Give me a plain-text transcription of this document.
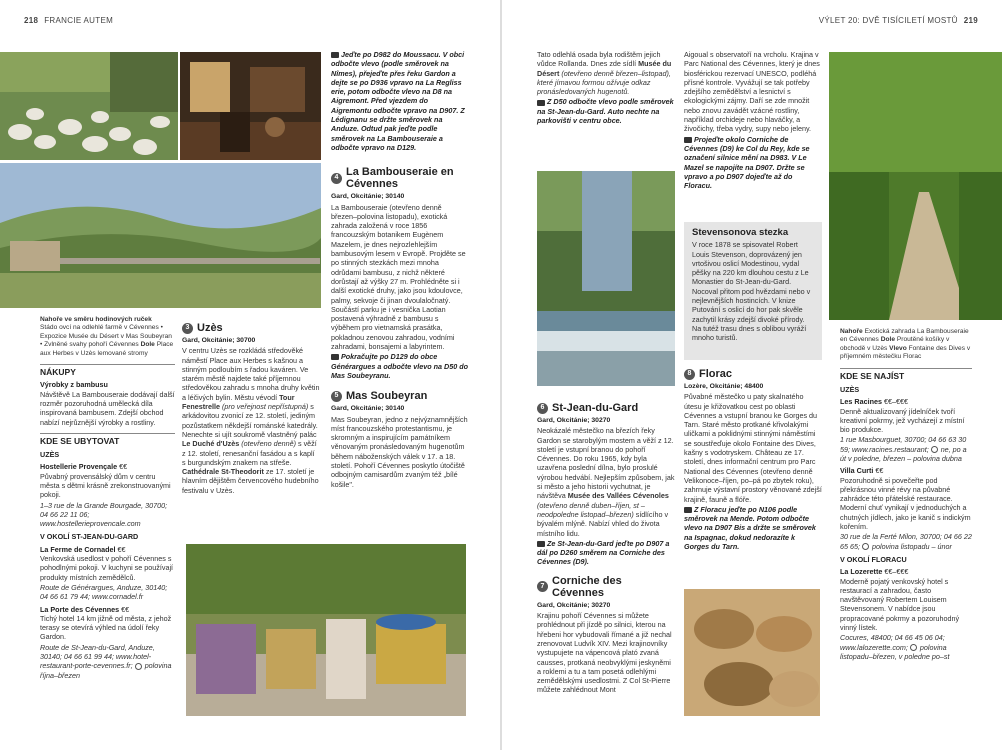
218 FRANCIE AUTEM	VÝLET 20: DVĚ TISÍCILETÍ MOSTŮ 219
Nahoře ve směru hodinových ruček
Stádo ovcí na odlehlé farmě v Cévennes • Expozice Musée du Désert v Mas Soubeyran • Zvlněné svahy pohoří Cévennes Dole Place aux Herbes v Uzès lemované stromy
NÁKUPY
Výrobky z bambusu

Návštěvě La Bambouseraie dodávají další rozměr pozoruhodná umělecká díla inspirovaná bambusem. Zdejší obchod nabízí nejrůznější výrobky a rostliny.

KDE SE UBYTOVAT
UZÈS
Hostellerie Provençale €€

Půvabný provensálský dům v centru města s dětmi krásně zrekonstruovanými pokoji.

1–3 rue de la Grande Bourgade, 30700; 04 66 22 11 06; www.hostellerieprovencale.com

V OKOLÍ ST-JEAN-DU-GARD
La Ferme de Cornadel €€

Venkovská usedlost v pohoří Cévennes s pohodlnými pokoji. V kuchyni se používají produkty místních zemědělců.

Route de Générargues, Anduze, 30140; 04 66 61 79 44; www.cornadel.fr

La Porte des Cévennes €€

Tichý hotel 14 km jižně od města, z jehož terasy se otevírá výhled na údolí řeky Gardon.

Route de St-Jean-du-Gard, Anduze, 30140; 04 66 61 99 44; www.hotel-restaurant-porte-cevennes.fr; polovina října–březen

3 Uzès
Gard, Okcitánie; 30700

V centru Uzès se rozkládá středověké náměstí Place aux Herbes s kašnou a stinným podloubím s řadou kaváren. Ve starém městě najdete také příjemnou středověkou zahradu s mnoha druhy květin a léčivých bylin. Městu vévodí Tour Fenestrelle (pro veřejnost nepřístupná) s arkádovitou zvonicí ze 12. století, jediným pozůstatkem někdejší románské katedrály. Nenechte si ujít soukromě vlastněný palác Le Duché d'Uzès (otevřeno denně) s věží z 12. století, renesanční fasádou a s kaplí s burgundským znakem na střeše. Cathédrale St-Theodorit ze 17. století je hlavním dějištěm červencového hudebního festivalu v Uzès.

Jeďte po D982 do Moussacu. V obci odbočte vlevo (podle směrovek na Nîmes), přejeďte přes řeku Gardon a dejte se po D936 vpravo na La Regliss erie, potom odbočte vlevo na D8 na Aigremont. Před vjezdem do Aigremontu odbočte vpravo na D907. Z Lédignanu se držte směrovek na Anduze. Odtud pak jeďte podle směrovek na La Bambouseraie a odbočte vpravo na D129.

4 La Bambouseraie en Cévennes
Gard, Okcitánie; 30140

La Bambouseraie (otevřeno denně březen–polovina listopadu), exotická zahrada založená v roce 1856 francouzským botanikem Eugènem Mazelem, je dnes nejrozlehlejším bambusovým lesem v Evropě. Projděte se po stinných stezkách mezi mnoha odrůdami bambusu, z nichž některé dorůstají až výšky 27 m. Prohlédněte si i další exotické druhy, jako jsou kdoulovce, palmy, sekvoje či jinan dvoulaločnatý. Součástí parku je i vesnička Laotian postavená výhradně z bambusu s výběhem pro vietnamská prasátka, pokladnou zenovou zahradou, vodními zahradami, bonsajemi a labyrintem.

Pokračujte po D129 do obce Générargues a odbočte vlevo na D50 do Mas Soubeyranu.

5 Mas Soubeyran
Gard, Okcitánie; 30140

Mas Soubeyran, jedno z nejvýznamnějších míst francouzského protestantismu, je skromným a inspirujícím památníkem věnovaným pronásledovaným hugenotům během náboženských válek v 17. a 18. století. Pohoří Cévennes poskytlo útočiště odbojným camisardům zvaným též „bílé košile".

Tato odlehlá osada byla rodištěm jejich vůdce Rollanda. Dnes zde sídlí Musée du Désert (otevřeno denně březen–listopad), které jímavou formou ožívuje odkaz pronásledovaných hugenotů.

Z D50 odbočte vlevo podle směrovek na St-Jean-du-Gard. Auto nechte na parkovišti v centru obce.

6 St-Jean-du-Gard
Gard, Okcitánie; 30270

Neokázalé městečko na březích řeky Gardon se starobylým mostem a věží z 12. století je vstupní branou do pohoří Cévennes. Do roku 1965, kdy byla uzavřena poslední dílna, bylo proslulé výrobou hedvábí. Nejlepším způsobem, jak si město a jeho historii vychutnat, je návštěva Musée des Vallées Cévenoles (otevřeno denně duben–říjen, st – neodpoledne listopad–březen) sídlícího v bývalém mlýně. Nabízí vhled do života místního lidu.

Ze St-Jean-du-Gard jeďte po D907 a dál po D260 směrem na Corniche des Cévennes (D9).

7 Corniche des Cévennes
Gard, Okcitánie; 30270

Krajinu pohoří Cévennes si můžete prohlédnout při jízdě po silnici, kterou na hřebeni hor vybudovali římané a již nechal zrenovovat Ludvík XIV. Mezi krajinovníky vystupujete na vápencová plató zvaná causses, protkaná neobvyklými jeskyněmi a roklemi a tu a tam posetá odlehlými zemědělskými usedlostmi. Z Col St-Pierre můžete zahlédnout Mont

Aigoual s observatoří na vrcholu. Krajina v Parc National des Cévennes, který je dnes biosférickou rezervací UNESCO, podléhá přísné kontrole. Vyvážují se tak potřeby zdejšího zemědělství a lesnictví s ekologickými zájmy. Daří se zde množit nebo znovu zavádět vzácné rostliny, například orchideje nebo hlaváčky, a živočichy, třeba vydry, supy nebo jeleny.

Projeďte okolo Corniche de Cévennes (D9) ke Col du Rey, kde se označení silnice mění na D983. V Le Mazel se napojíte na D907. Držte se vpravo a po D907 dojeďte až do Floracu.

Stevensonova stezka

V roce 1878 se spisovatel Robert Louis Stevenson, doprovázený jen vrtošivou oslicí Modestinou, vydal pěšky na 220 km dlouhou cestu z Le Monastier do St-Jean-du-Gard. Nocoval přitom pod hvězdami nebo v nejlevnějších hostincích. V knize Putování s oslicí do hor pak skvěle zachytil krásy zdejší divoké přírody. Na tutéž trasu dnes s oblibou vyráží mnoho turistů.

8 Florac
Lozère, Okcitánie; 48400

Půvabné městečko u paty skalnatého útesu je křižovatkou cest po oblasti Cévennes a vstupní branou ke Gorges du Tarn. Staré město protkané křivolakými uličkami a poklidnými stinnými náměstími se soustřeďuje okolo Fontaine des Dives, kašny s vodotryskem. Château ze 17. století, dnes informační centrum pro Parc National des Cévennes (otevřeno denně Velikonoce–říjen, po–pá po zbytek roku), zahrnuje výstavní prostory věnované zdejší krajině, fauně a flóře.

Z Floracu jeďte po N106 podle směrovek na Mende. Potom odbočte vlevo na D907 Bis a držte se směrovek na Ispagnac, dokud nedorazíte k Gorges du Tarn.

Nahoře Exotická zahrada La Bambouseraie en Cévennes Dole Proutěné košíky v obchodě v Uzès Vlevo Fontaine des Dives v příjemném městečku Florac
KDE SE NAJÍST
UZÈS
Les Racines €€–€€€

Denně aktualizovaný jídelníček tvoří kreativní pokrmy, jež vycházejí z místní bio produkce.

1 rue Masbourguet, 30700; 04 66 63 30 59; www.racines.restaurant; ne, po a út v poledne, březen – polovina dubna

Villa Curti €€

Pozoruhodně si povečeřte pod překrásnou vinné révy na půvabné zahrádce této přátelské restaurace. Moderní chuť vynikají v jednoduchých a chutných jídlech, jako je kanič s indickým kořením.

30 rue de la Ferté Milon, 30700; 04 66 22 65 65; polovina listopadu – únor

V OKOLÍ FLORACU
La Lozerette €€–€€€

Moderně pojatý venkovský hotel s restaurací a zahradou, často navštěvovaný Robertem Louisem Stevensonem. V nabídce jsou propracované pokrmy a pozoruhodný vinný lístek.

Cocures, 48400; 04 66 45 06 04; www.lalozerette.com; polovina listopadu–březen, v poledne po–st
